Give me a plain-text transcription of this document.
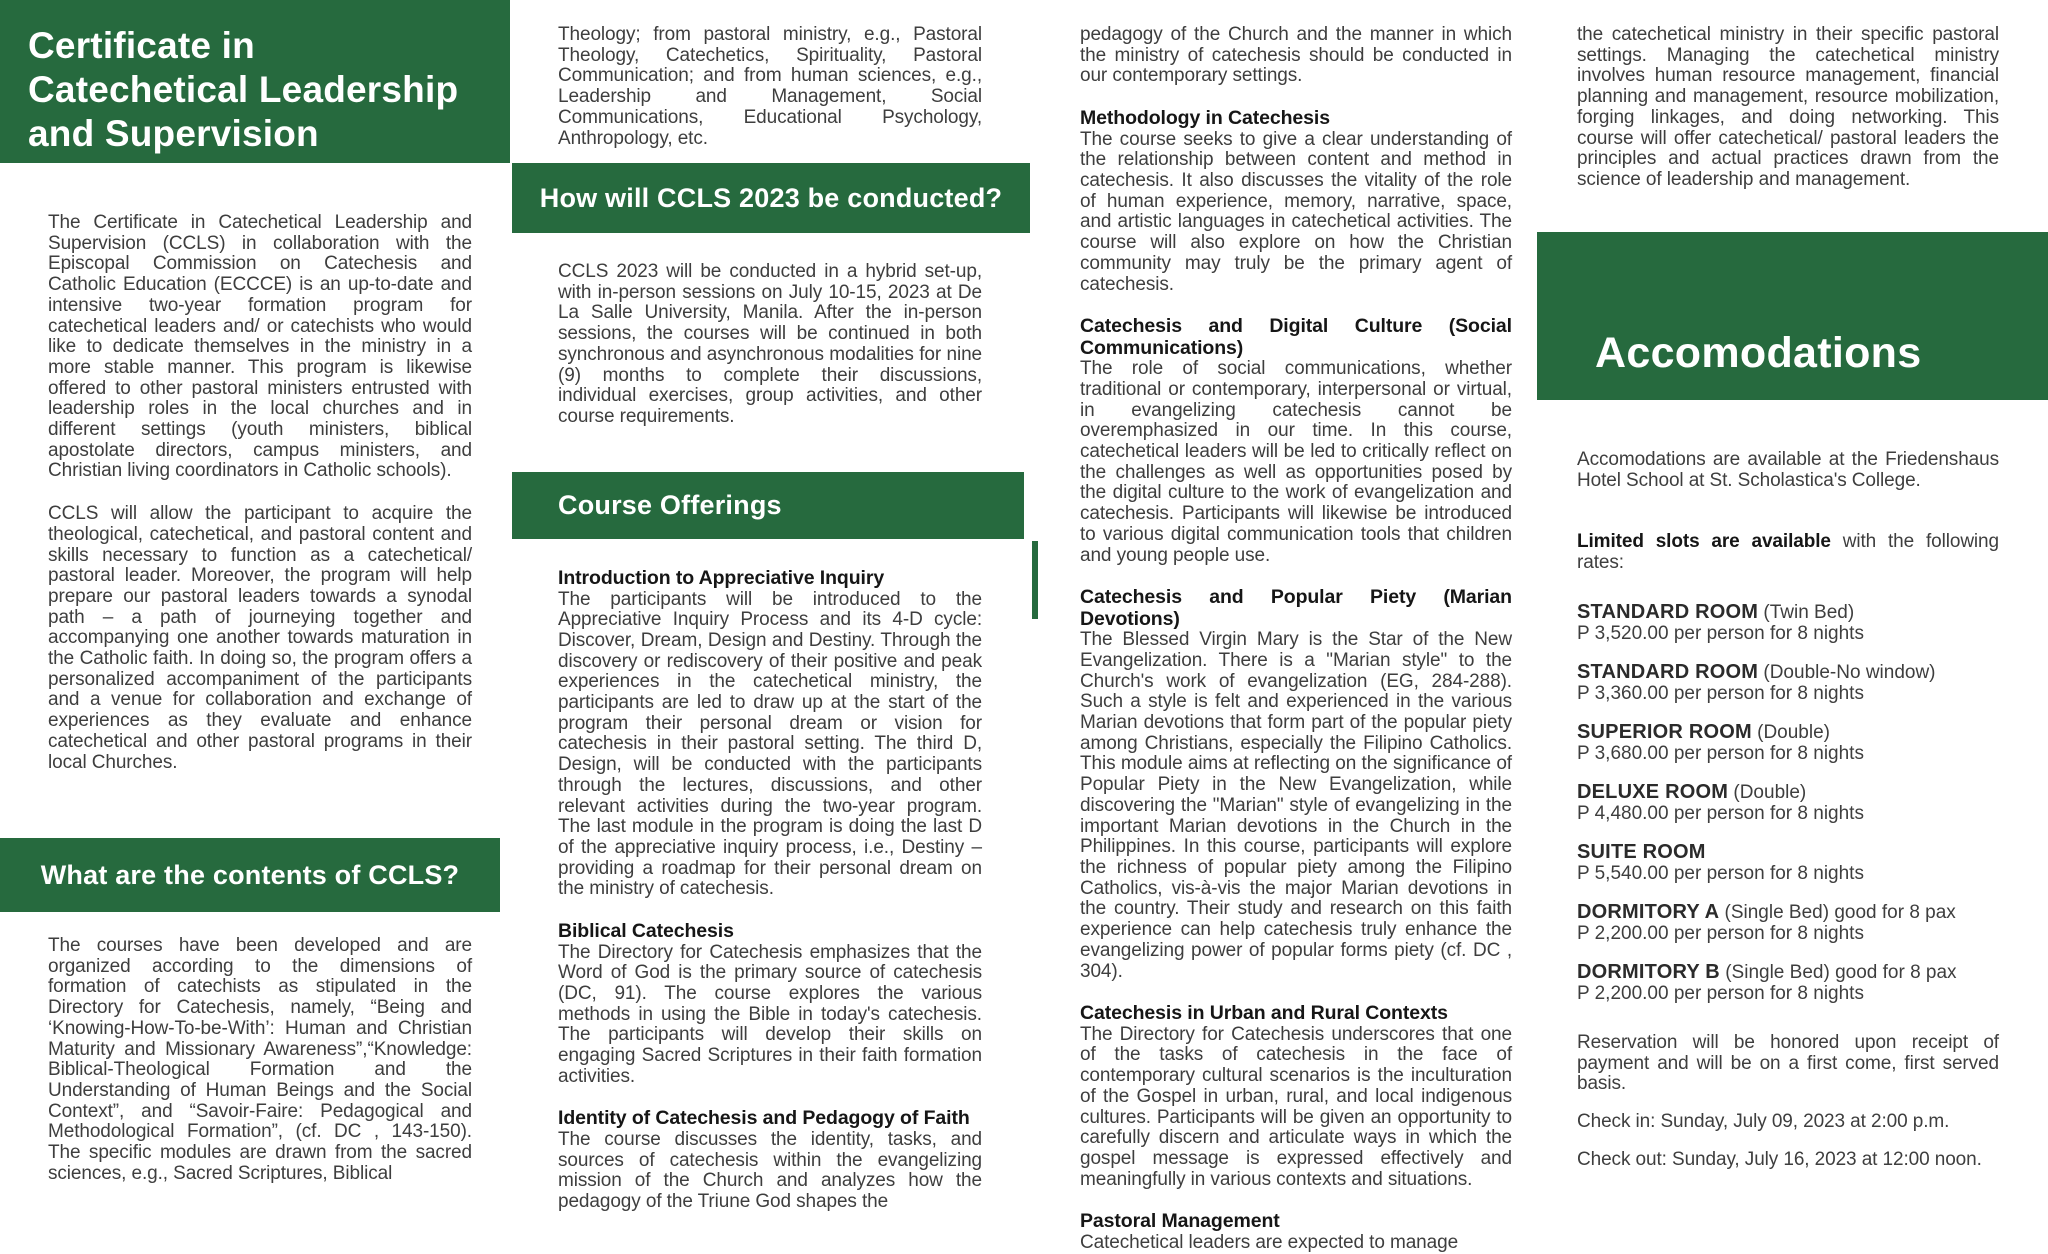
Certificate in
Catechetical Leadership
and Supervision

The Certificate in Catechetical Leadership and Supervision (CCLS) in collaboration with the Episcopal Commission on Catechesis and Catholic Education (ECCCE) is an up-to-date and intensive two-year formation program for catechetical leaders and/ or catechists who would like to dedicate themselves in the ministry in a more stable manner. This program is likewise offered to other pastoral ministers entrusted with leadership roles in the local churches and in different settings (youth ministers, biblical apostolate directors, campus ministers, and Christian living coordinators in Catholic schools).

CCLS will allow the participant to acquire the theological, catechetical, and pastoral content and skills necessary to function as a catechetical/ pastoral leader. Moreover, the program will help prepare our pastoral leaders towards a synodal path – a path of journeying together and accompanying one another towards maturation in the Catholic faith. In doing so, the program offers a personalized accompaniment of the participants and a venue for collaboration and exchange of experiences as they evaluate and enhance catechetical and other pastoral programs in their local Churches.

What are the contents of CCLS?

The courses have been developed and are organized according to the dimensions of formation of catechists as stipulated in the Directory for Catechesis, namely, “Being and ‘Knowing-How-To-be-With’: Human and Christian Maturity and Missionary Awareness”,“Knowledge: Biblical-Theological Formation and the Understanding of Human Beings and the Social Context”, and “Savoir-Faire: Pedagogical and Methodological Formation”, (cf. DC , 143-150). The specific modules are drawn from the sacred sciences, e.g., Sacred Scriptures, Biblical

Theology; from pastoral ministry, e.g., Pastoral Theology, Catechetics, Spirituality, Pastoral Communication; and from human sciences, e.g., Leadership and Management, Social Communications, Educational Psychology, Anthropology, etc.

How will CCLS 2023 be conducted?

CCLS 2023 will be conducted in a hybrid set-up, with in-person sessions on July 10-15, 2023 at De La Salle University, Manila. After the in-person sessions, the courses will be continued in both synchronous and asynchronous modalities for nine (9) months to complete their discussions, individual exercises, group activities, and other course requirements.

Course Offerings
Introduction to Appreciative Inquiry
The participants will be introduced to the Appreciative Inquiry Process and its 4-D cycle: Discover, Dream, Design and Destiny. Through the discovery or rediscovery of their positive and peak experiences in the catechetical ministry, the participants are led to draw up at the start of the program their personal dream or vision for catechesis in their pastoral setting. The third D, Design, will be conducted with the participants through the lectures, discussions, and other relevant activities during the two-year program. The last module in the program is doing the last D of the appreciative inquiry process, i.e., Destiny – providing a roadmap for their personal dream on the ministry of catechesis.
Biblical Catechesis
The Directory for Catechesis emphasizes that the Word of God is the primary source of catechesis (DC, 91). The course explores the various methods in using the Bible in today's catechesis. The participants will develop their skills on engaging Sacred Scriptures in their faith formation activities.
Identity of Catechesis and Pedagogy of Faith
The course discusses the identity, tasks, and sources of catechesis within the evangelizing mission of the Church and analyzes how the pedagogy of the Triune God shapes the
pedagogy of the Church and the manner in which the ministry of catechesis should be conducted in our contemporary settings.
Methodology in Catechesis
The course seeks to give a clear understanding of the relationship between content and method in catechesis. It also discusses the vitality of the role of human experience, memory, narrative, space, and artistic languages in catechetical activities. The course will also explore on how the Christian community may truly be the primary agent of catechesis.
Catechesis and Digital Culture (Social Communications)
The role of social communications, whether traditional or contemporary, interpersonal or virtual, in evangelizing catechesis cannot be overemphasized in our time. In this course, catechetical leaders will be led to critically reflect on the challenges as well as opportunities posed by the digital culture to the work of evangelization and catechesis. Participants will likewise be introduced to various digital communication tools that children and young people use.
Catechesis and Popular Piety (Marian Devotions)
The Blessed Virgin Mary is the Star of the New Evangelization. There is a "Marian style" to the Church's work of evangelization (EG, 284-288). Such a style is felt and experienced in the various Marian devotions that form part of the popular piety among Christians, especially the Filipino Catholics. This module aims at reflecting on the significance of Popular Piety in the New Evangelization, while discovering the "Marian" style of evangelizing in the important Marian devotions in the Church in the Philippines. In this course, participants will explore the richness of popular piety among the Filipino Catholics, vis-à-vis the major Marian devotions in the country. Their study and research on this faith experience can help catechesis truly enhance the evangelizing power of popular forms piety (cf. DC , 304).
Catechesis in Urban and Rural Contexts
The Directory for Catechesis underscores that one of the tasks of catechesis in the face of contemporary cultural scenarios is the inculturation of the Gospel in urban, rural, and local indigenous cultures. Participants will be given an opportunity to carefully discern and articulate ways in which the gospel message is expressed effectively and meaningfully in various contexts and situations.
Pastoral Management
Catechetical leaders are expected to manage

the catechetical ministry in their specific pastoral settings. Managing the catechetical ministry involves human resource management, financial planning and management, resource mobilization, forging linkages, and doing networking. This course will offer catechetical/ pastoral leaders the principles and actual practices drawn from the science of leadership and management.

Accomodations

Accomodations are available at the Friedenshaus Hotel School at St. Scholastica's College.

Limited slots are available with the following rates:
STANDARD ROOM (Twin Bed)
P 3,520.00 per person for 8 nights
STANDARD ROOM (Double-No window)
P 3,360.00 per person for 8 nights
SUPERIOR ROOM (Double)
P 3,680.00 per person for 8 nights
DELUXE ROOM (Double)
P 4,480.00 per person for 8 nights
SUITE ROOM
P 5,540.00 per person for 8 nights
DORMITORY A (Single Bed) good for 8 pax
P 2,200.00 per person for 8 nights
DORMITORY B (Single Bed) good for 8 pax
P 2,200.00 per person for 8 nights

Reservation will be honored upon receipt of payment and will be on a first come, first served basis.

Check in: Sunday, July 09, 2023 at 2:00 p.m.
Check out: Sunday, July 16, 2023 at 12:00 noon.
